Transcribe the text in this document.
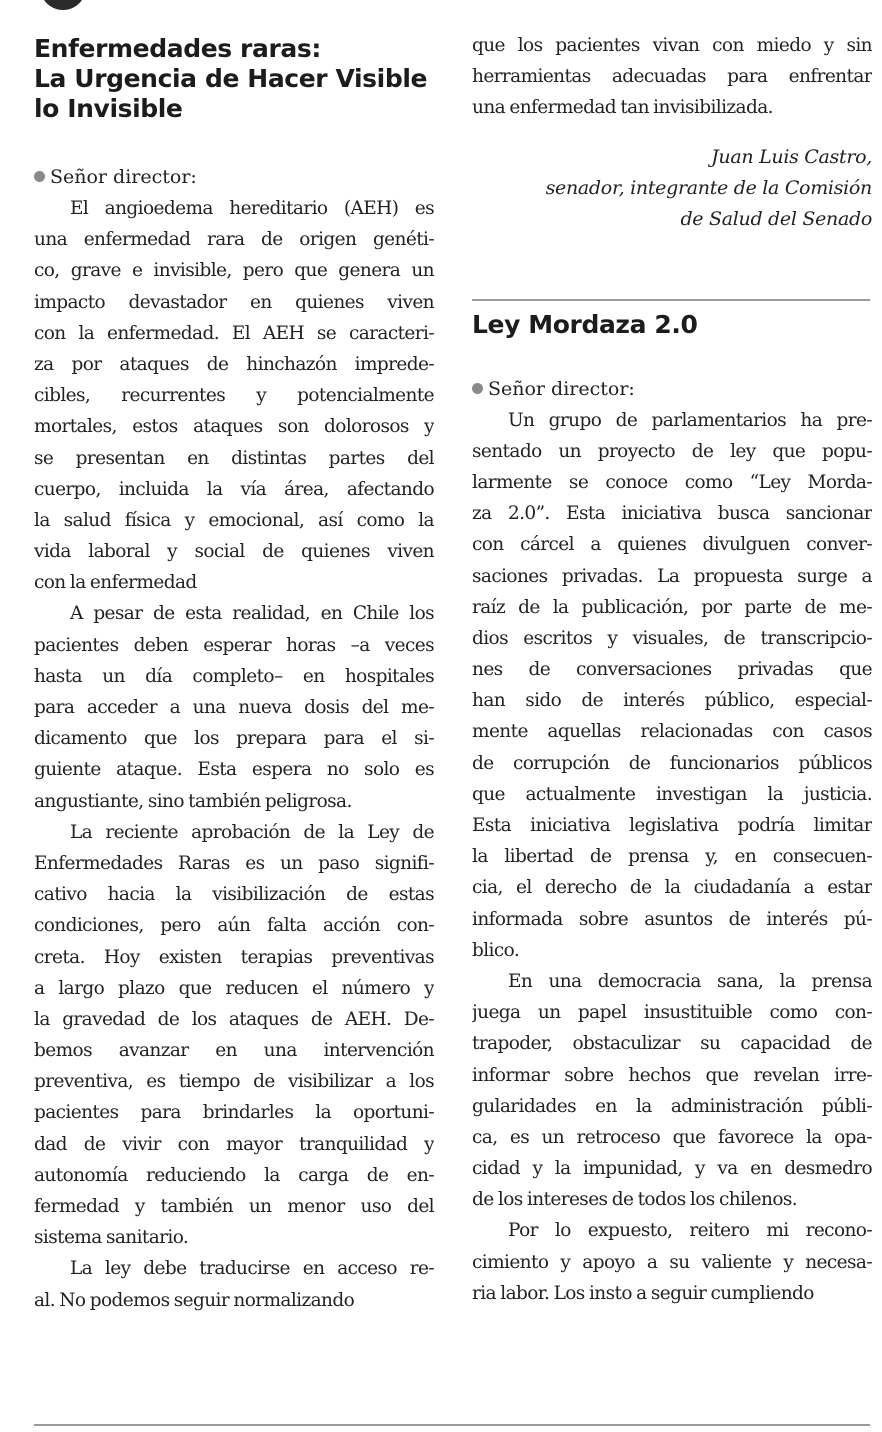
Enfermedades raras:
La Urgencia de Hacer Visible
lo Invisible

Señor director:

El angioedema hereditario (AEH) es
una enfermedad rara de origen genéti-
co, grave e invisible, pero que genera un
impacto devastador en quienes viven
con la enfermedad. El AEH se caracteri-
za por ataques de hinchazón imprede-
cibles, recurrentes y potencialmente
mortales, estos ataques son dolorosos y
se presentan en distintas partes del
cuerpo, incluida la vía área, afectando
la salud física y emocional, así como la
vida laboral y social de quienes viven
con la enfermedad
A pesar de esta realidad, en Chile los
pacientes deben esperar horas –a veces
hasta un día completo– en hospitales
para acceder a una nueva dosis del me-
dicamento que los prepara para el si-
guiente ataque. Esta espera no solo es
angustiante, sino también peligrosa.
La reciente aprobación de la Ley de
Enfermedades Raras es un paso signifi-
cativo hacia la visibilización de estas
condiciones, pero aún falta acción con-
creta. Hoy existen terapias preventivas
a largo plazo que reducen el número y
la gravedad de los ataques de AEH. De-
bemos avanzar en una intervención
preventiva, es tiempo de visibilizar a los
pacientes para brindarles la oportuni-
dad de vivir con mayor tranquilidad y
autonomía reduciendo la carga de en-
fermedad y también un menor uso del
sistema sanitario.
La ley debe traducirse en acceso re-
al. No podemos seguir normalizando
que los pacientes vivan con miedo y sin
herramientas adecuadas para enfrentar
una enfermedad tan invisibilizada.
Juan Luis Castro,
senador, integrante de la Comisión
de Salud del Senado
Ley Mordaza 2.0

Señor director:

Un grupo de parlamentarios ha pre-
sentado un proyecto de ley que popu-
larmente se conoce como “Ley Morda-
za 2.0”. Esta iniciativa busca sancionar
con cárcel a quienes divulguen conver-
saciones privadas. La propuesta surge a
raíz de la publicación, por parte de me-
dios escritos y visuales, de transcripcio-
nes de conversaciones privadas que
han sido de interés público, especial-
mente aquellas relacionadas con casos
de corrupción de funcionarios públicos
que actualmente investigan la justicia.
Esta iniciativa legislativa podría limitar
la libertad de prensa y, en consecuen-
cia, el derecho de la ciudadanía a estar
informada sobre asuntos de interés pú-
blico.
En una democracia sana, la prensa
juega un papel insustituible como con-
trapoder, obstaculizar su capacidad de
informar sobre hechos que revelan irre-
gularidades en la administración públi-
ca, es un retroceso que favorece la opa-
cidad y la impunidad, y va en desmedro
de los intereses de todos los chilenos.
Por lo expuesto, reitero mi recono-
cimiento y apoyo a su valiente y necesa-
ria labor. Los insto a seguir cumpliendo
